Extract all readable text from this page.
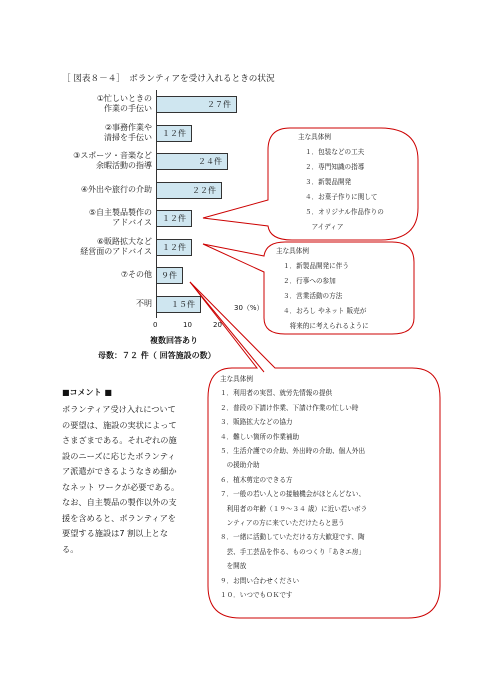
［ 図表８－４］　ボランティアを受け入れるときの状況
①忙しいときの
作業の手伝い	２７件
②事務作業や
清掃を手伝い １２件
③スポーツ・音楽など
余暇活動の指導	２４件
④外出や旅行の介助	２２件
⑤自主製品製作の
アドバイス １２件
⑥販路拡大など
経営面のアドバイス １２件
⑦その他 ９件
不明	１５件
0	10	20
30（%）
複数回答あり
母数：７２ 件（ 回答施設の数）
■コメント ■
ボランティア受け入れについて
の要望は、施設の実状によって
さまざまである。それぞれの施
設のニーズに応じたボランティ
ア派遣ができるようなきめ細か
なネット ワークが必要である。
なお、自主製品の製作以外の支
援を含めると、ボランティアを
要望する施設は7 割以上とな
る。
主な具体例
１．包装などの工夫
２．専門知識の指導
３．新製品開発
４．お菓子作りに関して
５．オリジナル作品作りの
　アイディア
主な具体例
１．新製品開発に伴う
２．行事への参加
３．営業活動の方法
４．おろし やネット 販売が
　将来的に考えられるように
主な具体例
１．利用者の実習、就労先情報の提供
２．普段の下請け作業、下請け作業の忙しい時
３．販路拡大などの協力
４．難しい箇所の作業補助
５．生活介護での介助、外出時の介助、個人外出
　の援助介助
６．植木剪定のできる方
７．一般の若い人との接触機会がほとんどない、
　利用者の年齢（１９～３４ 歳）に近い若いボラ
　ンティアの方に来ていただけたらと思う
８．一緒に活動していただける方大歓迎です、陶
　芸、手工芸品を作る、ものつくり「あきエ房」
　を開放
９．お問い合わせください
１０．いつでもＯＫです
